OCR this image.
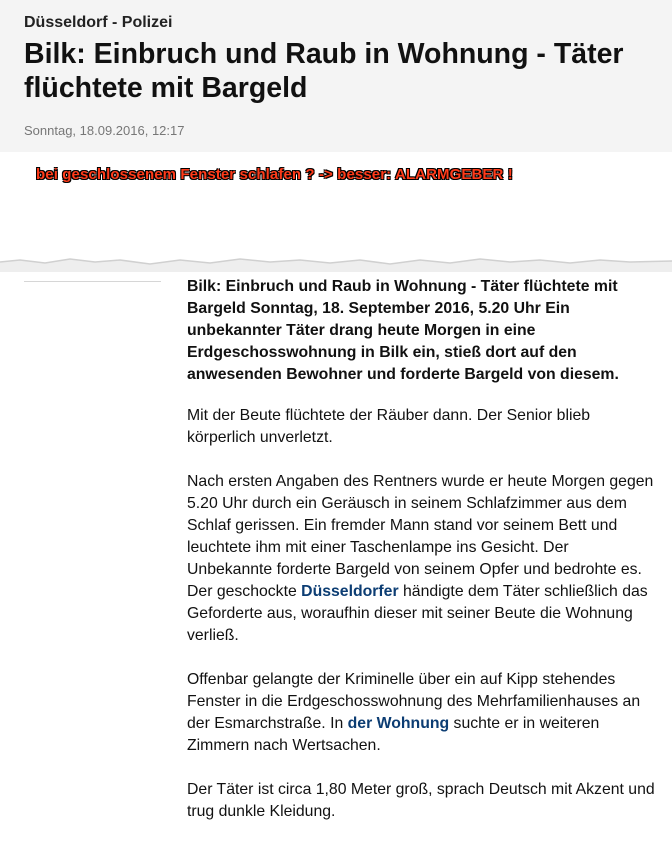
Düsseldorf - Polizei
Bilk: Einbruch und Raub in Wohnung - Täter flüchtete mit Bargeld
Sonntag, 18.09.2016, 12:17
bei geschlossenem Fenster schlafen ? -> besser: ALARMGEBER !

Bilk: Einbruch und Raub in Wohnung - Täter flüchtete mit Bargeld Sonntag, 18. September 2016, 5.20 Uhr Ein unbekannter Täter drang heute Morgen in eine Erdgeschosswohnung in Bilk ein, stieß dort auf den anwesenden Bewohner und forderte Bargeld von diesem.

Mit der Beute flüchtete der Räuber dann. Der Senior blieb körperlich unverletzt.

Nach ersten Angaben des Rentners wurde er heute Morgen gegen 5.20 Uhr durch ein Geräusch in seinem Schlafzimmer aus dem Schlaf gerissen. Ein fremder Mann stand vor seinem Bett und leuchtete ihm mit einer Taschenlampe ins Gesicht. Der Unbekannte forderte Bargeld von seinem Opfer und bedrohte es. Der geschockte Düsseldorfer händigte dem Täter schließlich das Geforderte aus, woraufhin dieser mit seiner Beute die Wohnung verließ.

Offenbar gelangte der Kriminelle über ein auf Kipp stehendes Fenster in die Erdgeschosswohnung des Mehrfamilienhauses an der Esmarchstraße. In der Wohnung suchte er in weiteren Zimmern nach Wertsachen.

Der Täter ist circa 1,80 Meter groß, sprach Deutsch mit Akzent und trug dunkle Kleidung.
